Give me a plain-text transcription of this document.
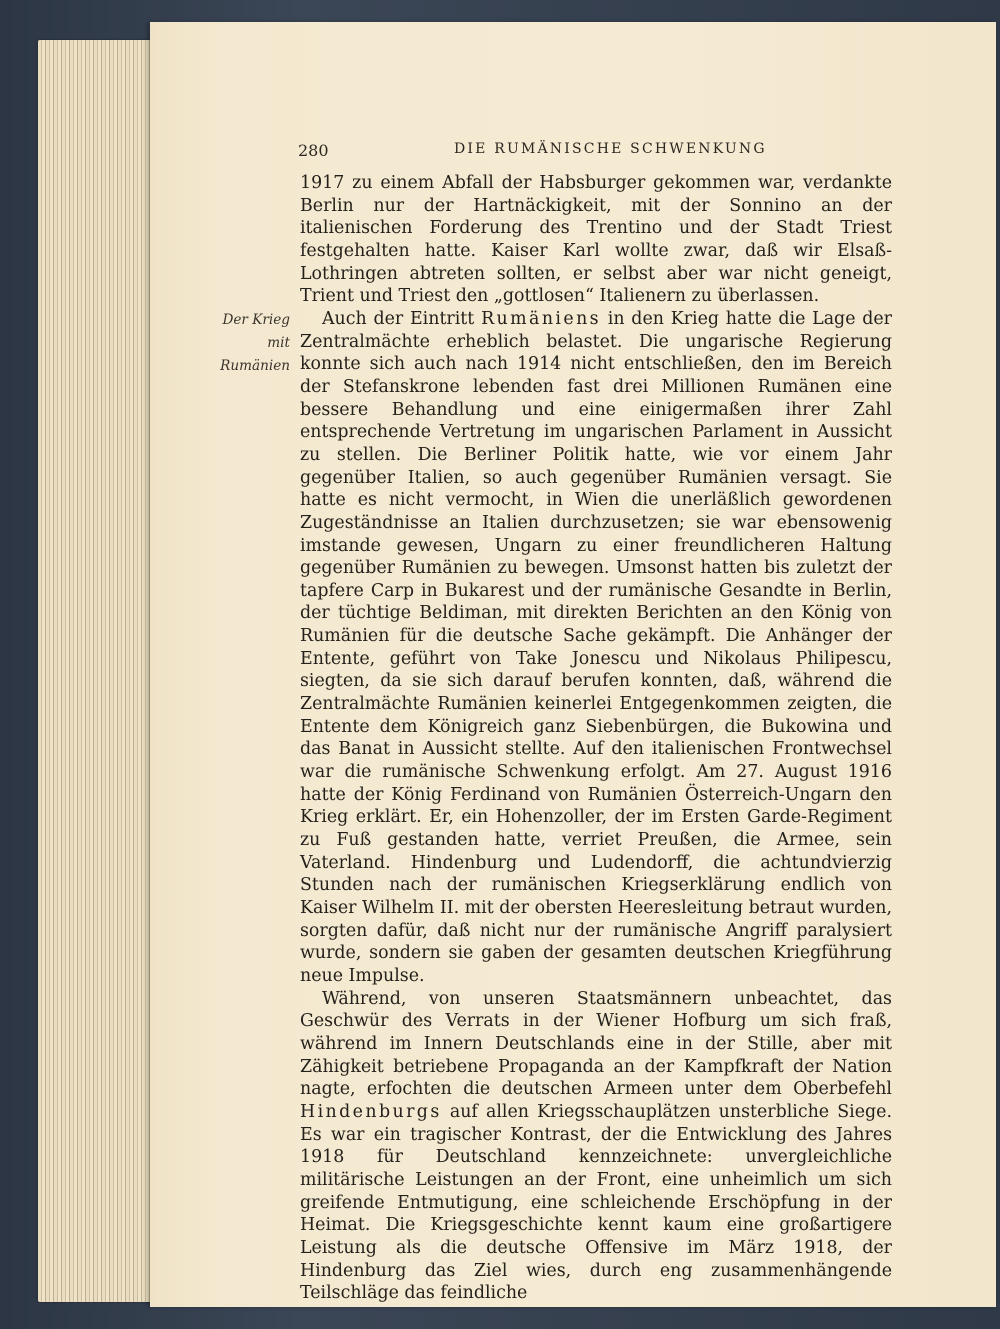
280	DIE RUMÄNISCHE SCHWENKUNG
Der Krieg
mit
Rumänien

1917 zu einem Abfall der Habsburger gekommen war, verdankte Berlin nur der Hartnäckigkeit, mit der Sonnino an der italienischen Forderung des Trentino und der Stadt Triest festgehalten hatte. Kaiser Karl wollte zwar, daß wir Elsaß-Lothringen abtreten sollten, er selbst aber war nicht geneigt, Trient und Triest den „gottlosen“ Italienern zu überlassen.

Auch der Eintritt Rumäniens in den Krieg hatte die Lage der Zentralmächte erheblich belastet. Die ungarische Regierung konnte sich auch nach 1914 nicht entschließen, den im Bereich der Stefanskrone lebenden fast drei Millionen Rumänen eine bessere Behandlung und eine einigermaßen ihrer Zahl entsprechende Vertretung im ungarischen Parlament in Aussicht zu stellen. Die Berliner Politik hatte, wie vor einem Jahr gegenüber Italien, so auch gegenüber Rumänien versagt. Sie hatte es nicht vermocht, in Wien die unerläßlich gewordenen Zugeständnisse an Italien durchzusetzen; sie war ebensowenig imstande gewesen, Ungarn zu einer freundlicheren Haltung gegenüber Rumänien zu bewegen. Umsonst hatten bis zuletzt der tapfere Carp in Bukarest und der rumänische Gesandte in Berlin, der tüchtige Beldiman, mit direkten Berichten an den König von Rumänien für die deutsche Sache gekämpft. Die Anhänger der Entente, geführt von Take Jonescu und Nikolaus Philipescu, siegten, da sie sich darauf berufen konnten, daß, während die Zentralmächte Rumänien keinerlei Entgegenkommen zeigten, die Entente dem Königreich ganz Siebenbürgen, die Bukowina und das Banat in Aussicht stellte. Auf den italienischen Frontwechsel war die rumänische Schwenkung erfolgt. Am 27. August 1916 hatte der König Ferdinand von Rumänien Österreich-Ungarn den Krieg erklärt. Er, ein Hohenzoller, der im Ersten Garde-Regiment zu Fuß gestanden hatte, verriet Preußen, die Armee, sein Vaterland. Hindenburg und Ludendorff, die achtundvierzig Stunden nach der rumänischen Kriegserklärung endlich von Kaiser Wilhelm II. mit der obersten Heeresleitung betraut wurden, sorgten dafür, daß nicht nur der rumänische Angriff paralysiert wurde, sondern sie gaben der gesamten deutschen Kriegführung neue Impulse.

Während, von unseren Staatsmännern unbeachtet, das Geschwür des Verrats in der Wiener Hofburg um sich fraß, während im Innern Deutschlands eine in der Stille, aber mit Zähigkeit betriebene Propaganda an der Kampfkraft der Nation nagte, erfochten die deutschen Armeen unter dem Oberbefehl Hindenburgs auf allen Kriegsschauplätzen unsterbliche Siege. Es war ein tragischer Kontrast, der die Entwicklung des Jahres 1918 für Deutschland kennzeichnete: unvergleichliche militärische Leistungen an der Front, eine unheimlich um sich greifende Entmutigung, eine schleichende Erschöpfung in der Heimat. Die Kriegsgeschichte kennt kaum eine großartigere Leistung als die deutsche Offensive im März 1918, der Hindenburg das Ziel wies, durch eng zusammenhängende Teilschläge das feindliche
